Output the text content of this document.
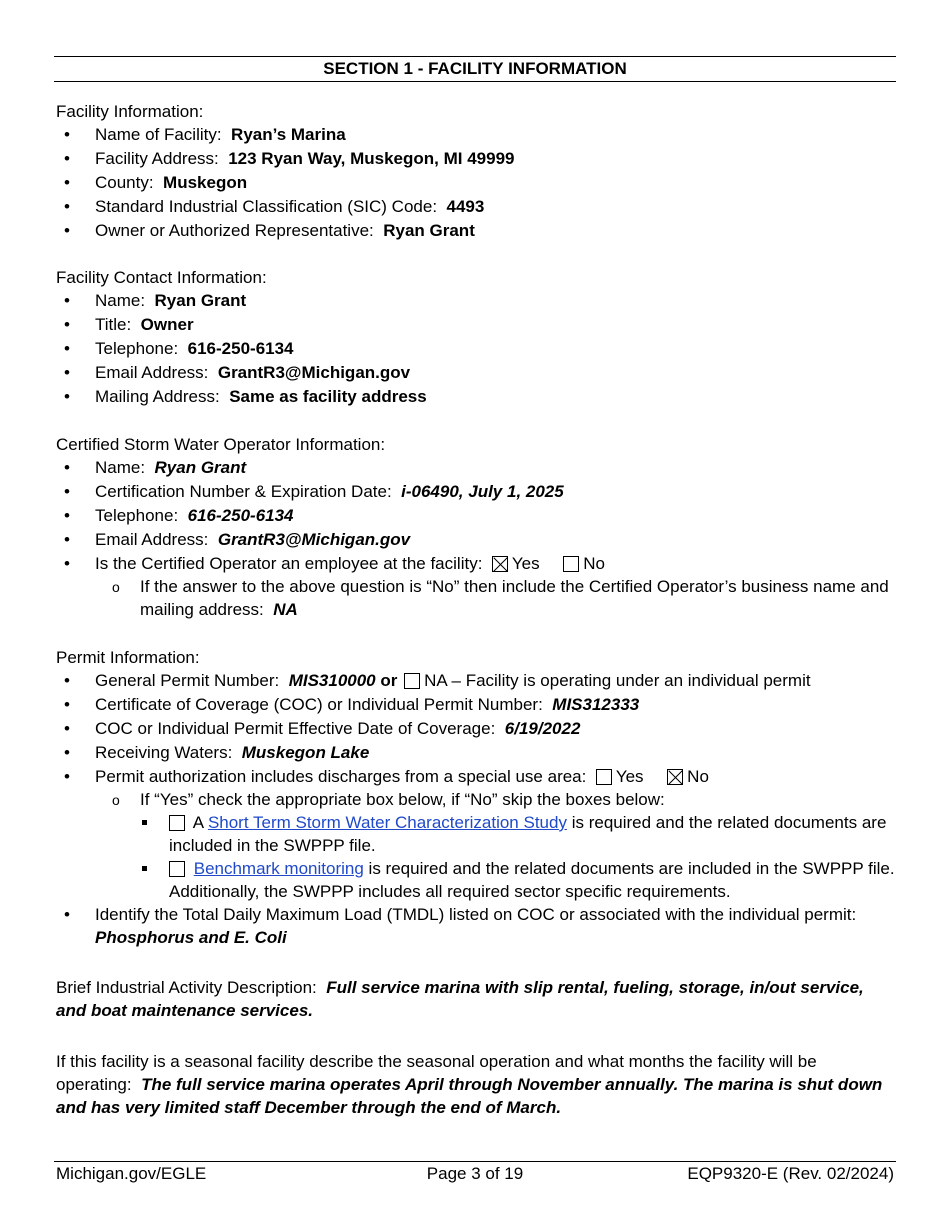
SECTION 1 - FACILITY INFORMATION
Facility Information:
• Name of Facility: Ryan’s Marina
• Facility Address: 123 Ryan Way, Muskegon, MI 49999
• County: Muskegon
• Standard Industrial Classification (SIC) Code: 4493
• Owner or Authorized Representative: Ryan Grant
Facility Contact Information:
• Name: Ryan Grant
• Title: Owner
• Telephone: 616-250-6134
• Email Address: GrantR3@Michigan.gov
• Mailing Address: Same as facility address
Certified Storm Water Operator Information:
• Name: Ryan Grant
• Certification Number & Expiration Date: i-06490, July 1, 2025
• Telephone: 616-250-6134
• Email Address: GrantR3@Michigan.gov
• Is the Certified Operator an employee at the facility: Yes	No
o If the answer to the above question is “No” then include the Certified Operator’s business name and mailing address: NA
Permit Information:
• General Permit Number: MIS310000 or NA – Facility is operating under an individual permit
• Certificate of Coverage (COC) or Individual Permit Number: MIS312333
• COC or Individual Permit Effective Date of Coverage: 6/19/2022
• Receiving Waters: Muskegon Lake
• Permit authorization includes discharges from a special use area: Yes	No
o If “Yes” check the appropriate box below, if “No” skip the boxes below:
A Short Term Storm Water Characterization Study is required and the related documents are included in the SWPPP file.
Benchmark monitoring is required and the related documents are included in the SWPPP file. Additionally, the SWPPP includes all required sector specific requirements.
• Identify the Total Daily Maximum Load (TMDL) listed on COC or associated with the individual permit:  Phosphorus and E. Coli
Brief Industrial Activity Description: Full service marina with slip rental, fueling, storage, in/out service, and boat maintenance services.
If this facility is a seasonal facility describe the seasonal operation and what months the facility will be operating: The full service marina operates April through November annually. The marina is shut down and has very limited staff December through the end of March.
Page 3 of 19
Michigan.gov/EGLE	EQP9320-E (Rev. 02/2024)
